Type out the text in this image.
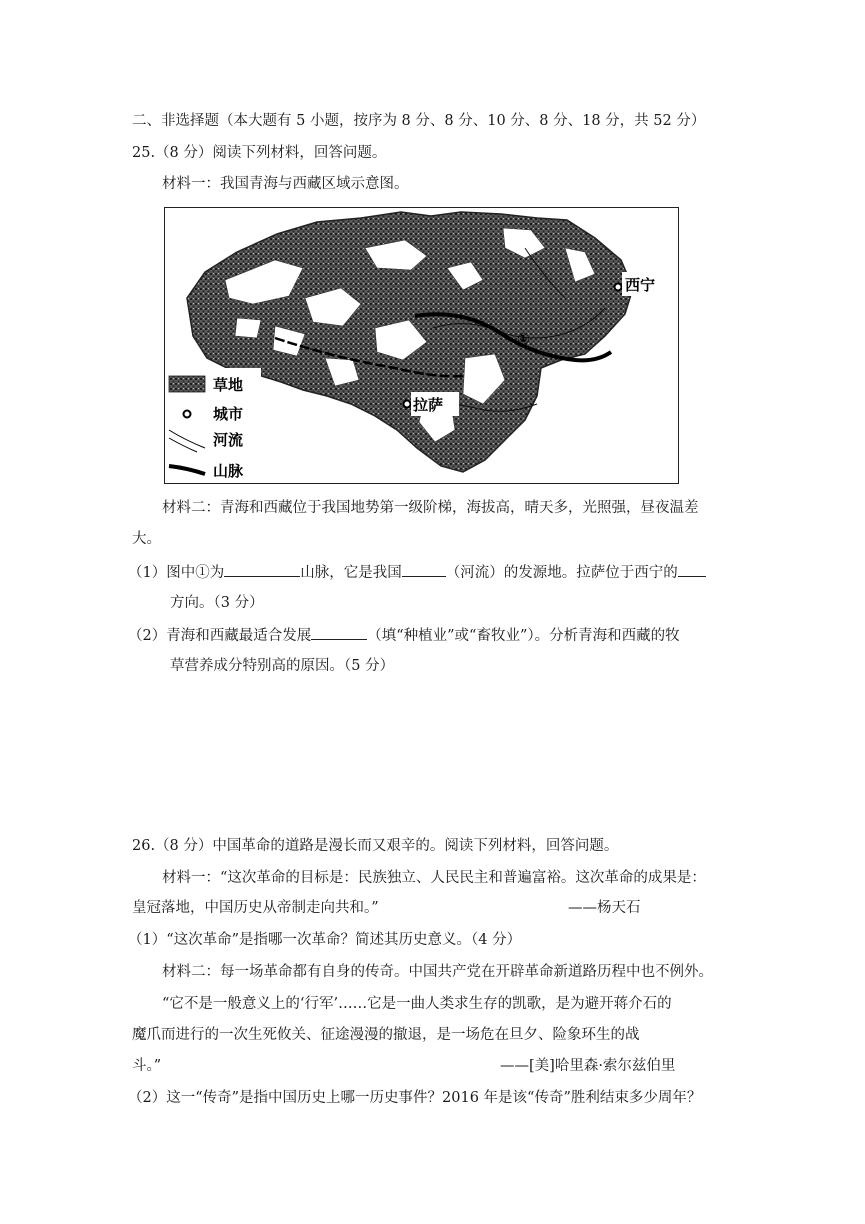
二、非选择题（本大题有 5 小题，按序为 8 分、8 分、10 分、8 分、18 分，共 52 分）
25.（8 分）阅读下列材料，回答问题。
材料一：我国青海与西藏区域示意图。
西宁
拉萨
①
草地
城市
河流
山脉
材料二：青海和西藏位于我国地势第一级阶梯，海拔高，晴天多，光照强，昼夜温差
大。
（1）图中①为	山脉，它是我国	（河流）的发源地。拉萨位于西宁的
方向。（3 分）
（2）青海和西藏最适合发展	（填“种植业”或“畜牧业”）。分析青海和西藏的牧
草营养成分特别高的原因。（5 分）
26.（8 分）中国革命的道路是漫长而又艰辛的。阅读下列材料，回答问题。
材料一：“这次革命的目标是：民族独立、人民民主和普遍富裕。这次革命的成果是：
皇冠落地，中国历史从帝制走向共和。”	——杨天石
（1）“这次革命”是指哪一次革命？简述其历史意义。（4 分）
材料二：每一场革命都有自身的传奇。中国共产党在开辟革命新道路历程中也不例外。
“它不是一般意义上的‘行军’……它是一曲人类求生存的凯歌，是为避开蒋介石的
魔爪而进行的一次生死攸关、征途漫漫的撤退，是一场危在旦夕、险象环生的战
斗。”	——[美]哈里森·索尔兹伯里
（2）这一“传奇”是指中国历史上哪一历史事件？2016 年是该“传奇”胜利结束多少周年？
